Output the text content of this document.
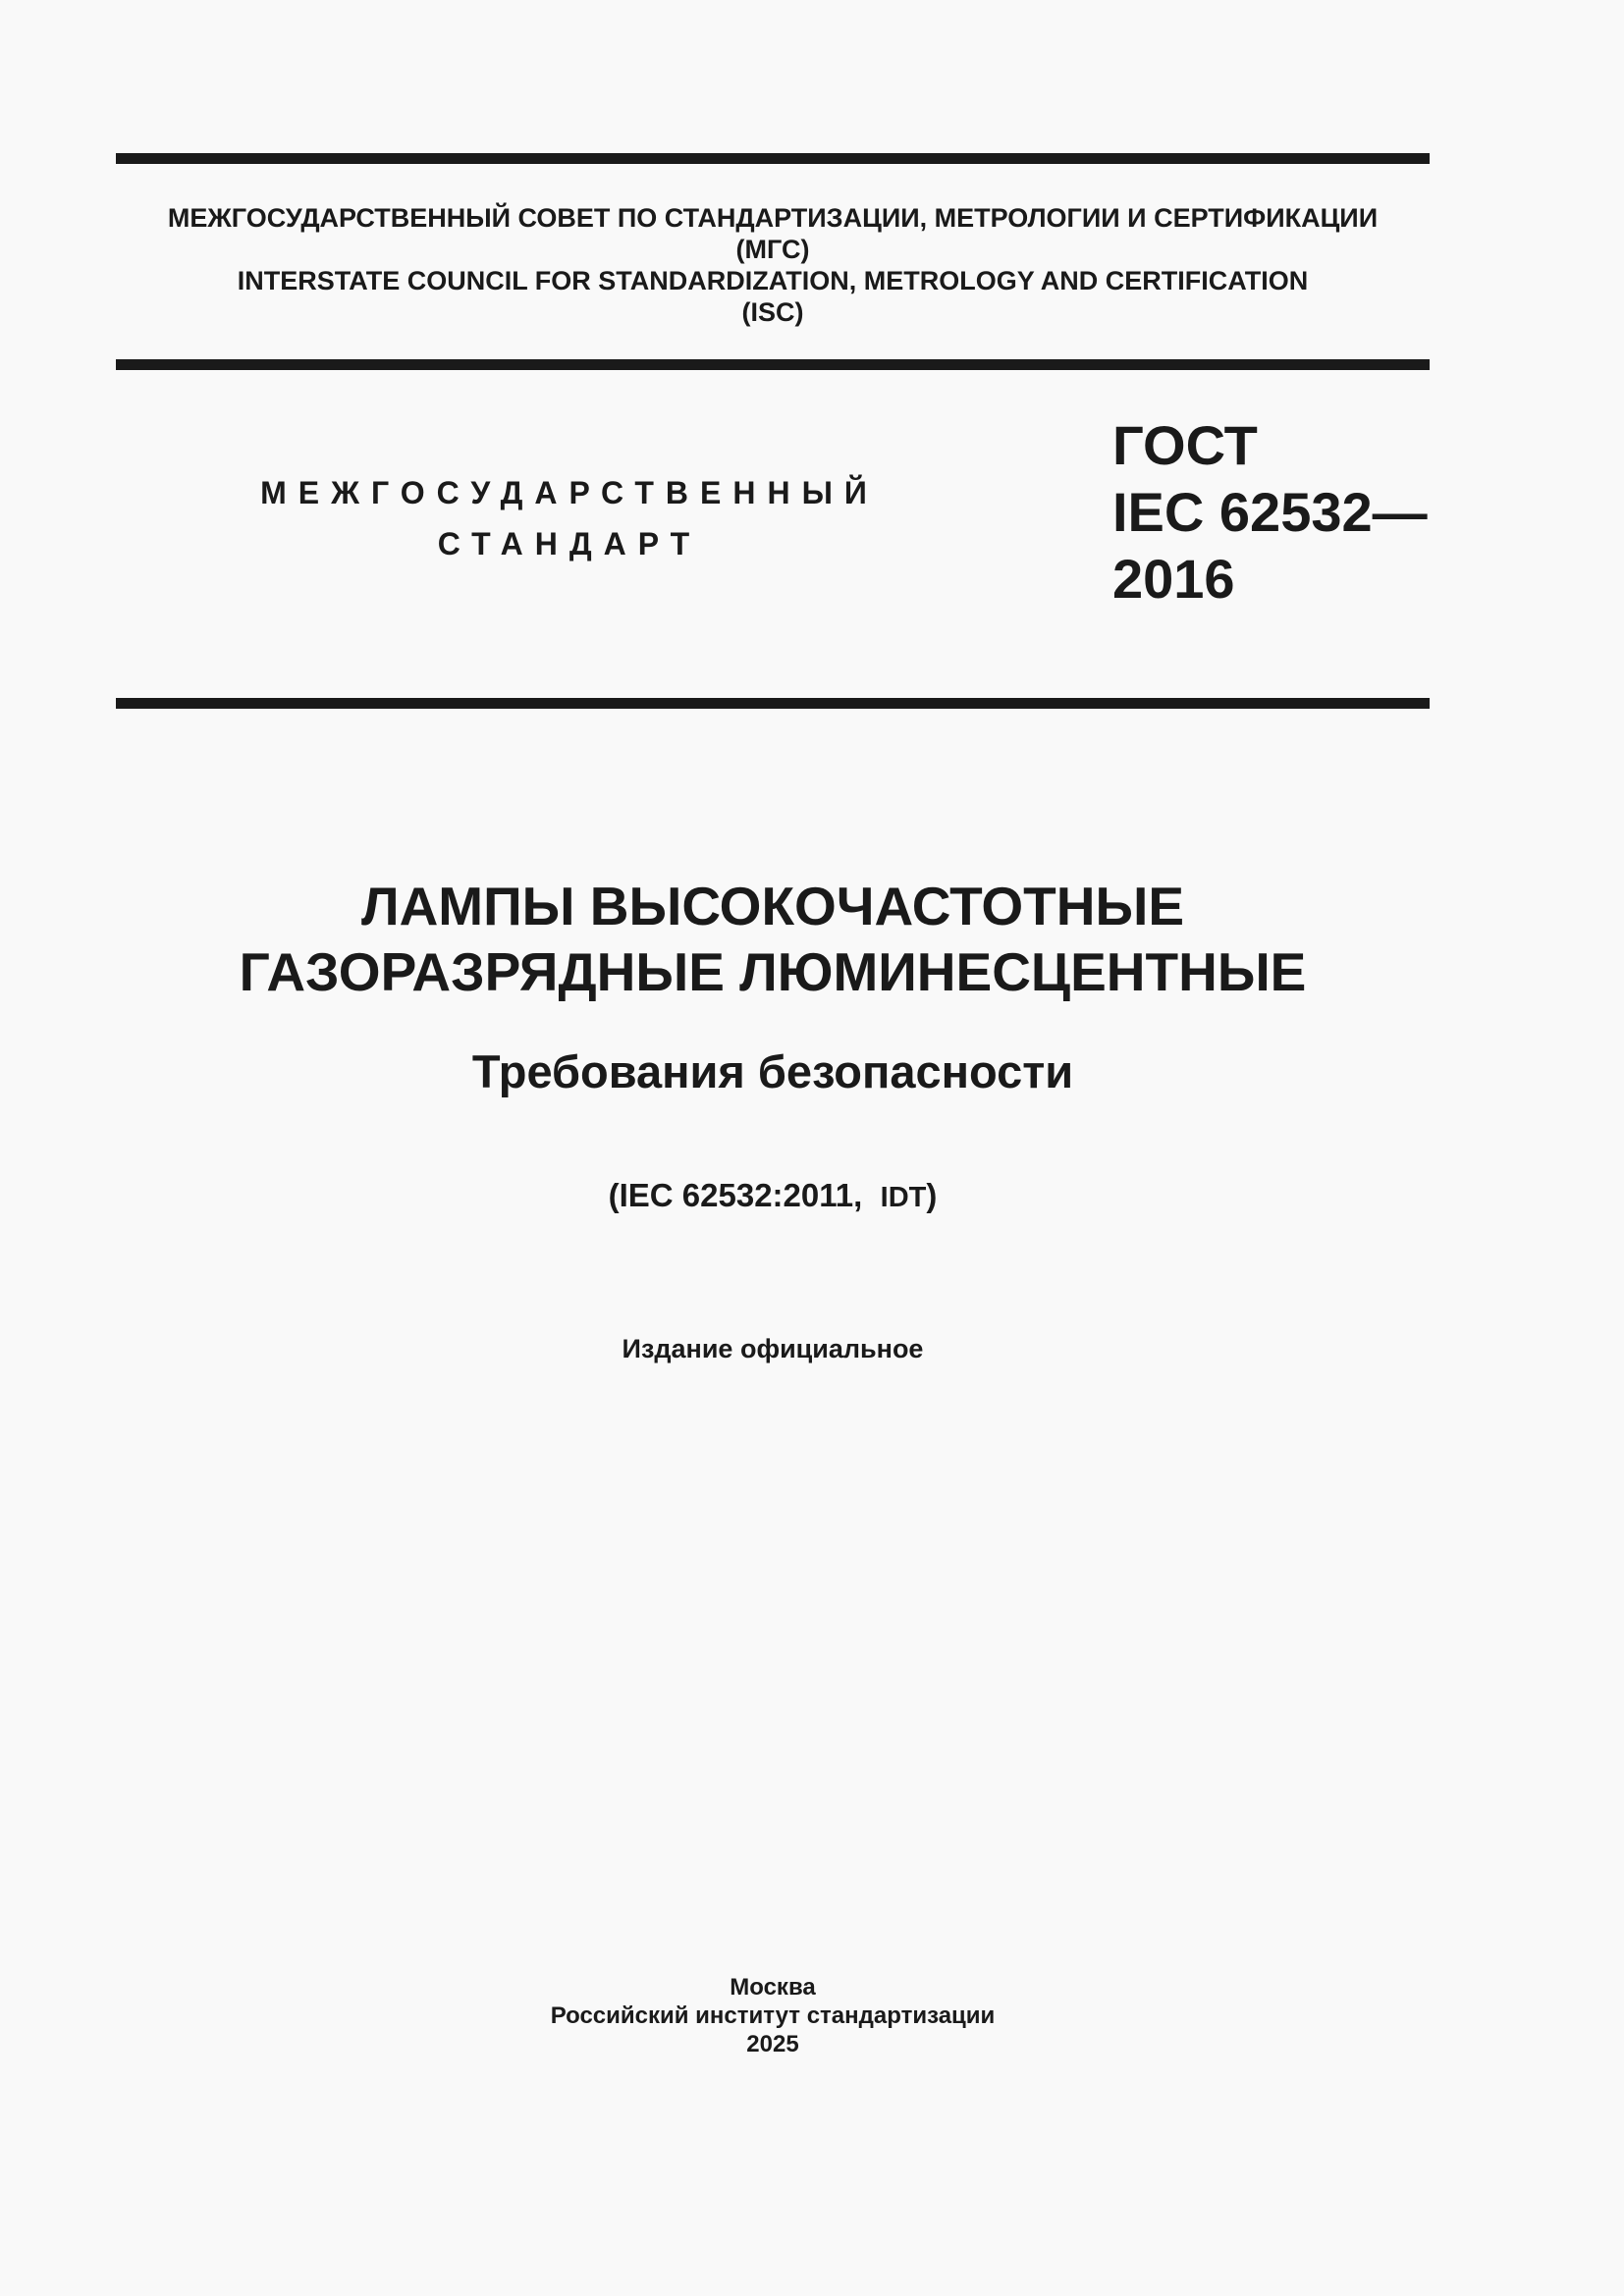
МЕЖГОСУДАРСТВЕННЫЙ СОВЕТ ПО СТАНДАРТИЗАЦИИ, МЕТРОЛОГИИ И СЕРТИФИКАЦИИ
(МГС)
INTERSTATE COUNCIL FOR STANDARDIZATION, METROLOGY AND CERTIFICATION
(ISC)
МЕЖГОСУДАРСТВЕННЫЙ
СТАНДАРТ
ГОСТ
IEC 62532—
2016
ЛАМПЫ ВЫСОКОЧАСТОТНЫЕ
ГАЗОРАЗРЯДНЫЕ ЛЮМИНЕСЦЕНТНЫЕ
Требования безопасности
(IEC 62532:2011, IDT)
Издание официальное
Москва
Российский институт стандартизации
2025
